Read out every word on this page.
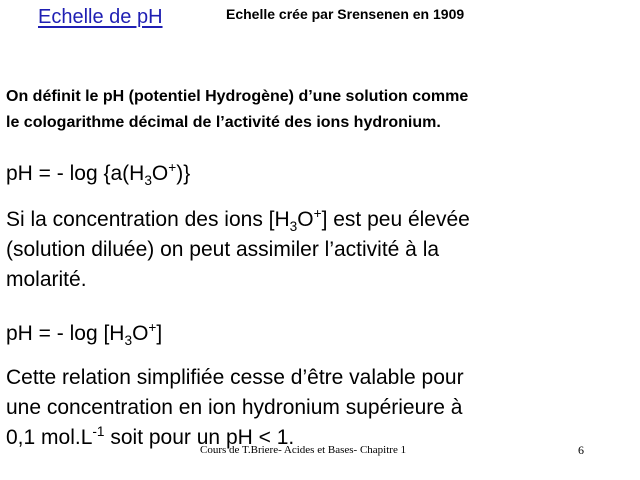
Echelle de pH	Echelle crée par Srensenen en 1909
On définit le pH (potentiel Hydrogène) d’une solution comme
le cologarithme décimal de l’activité des ions hydronium.
pH = - $\log \{a(H_3O^+)\}$
Si la concentration des ions $[H_3O^+]$ est peu élevée
(solution diluée) on peut assimiler l’activité à la
molarité.
pH = - $\log [H_3O^+]$
Cette relation simplifiée cesse d’être valable pour
une concentration en ion hydronium supérieure à
0,1 $mol.L^{-1}$ soit pour un pH < 1.
Cours de T.Briere- Acides et Bases- Chapitre 1	6
